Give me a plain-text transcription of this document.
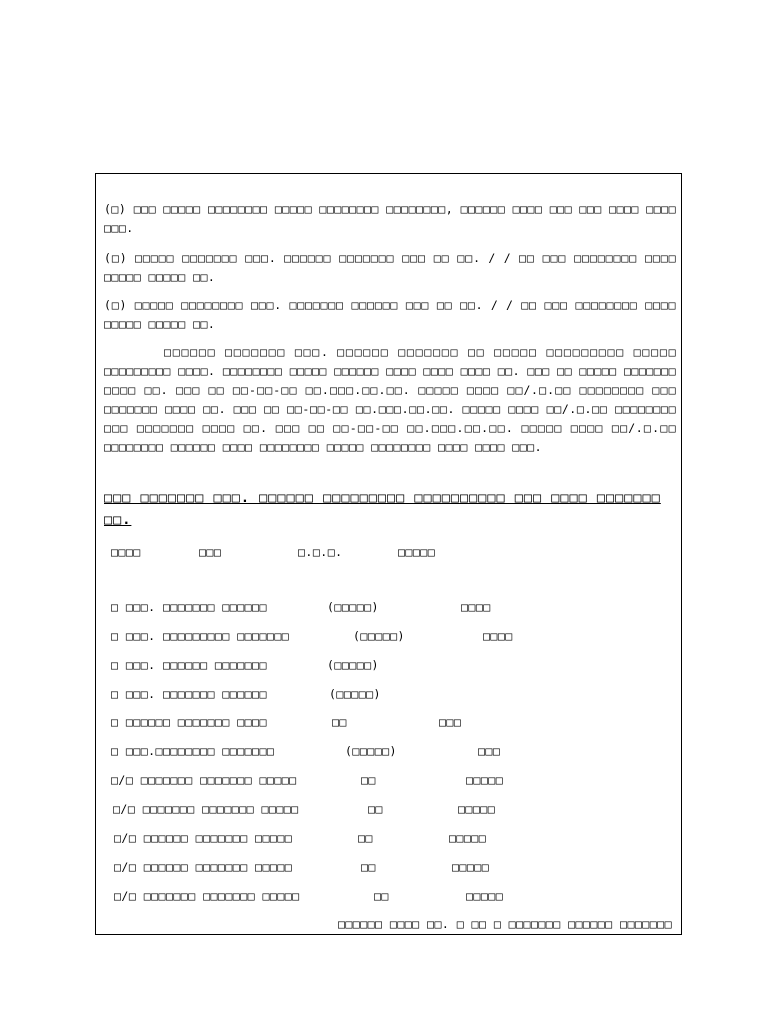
(□) □□□ □□□□□ □□□□□□□□ □□□□□ □□□□□□□□ □□□□□□□□, □□□□□□ □□□□ □□□ □□□ □□□□ □□□□ □□□.

(□) □□□□□ □□□□□□□ □□□. □□□□□□ □□□□□□□ □□□ □□ □□. / / □□ □□□ □□□□□□□□ □□□□ □□□□□ □□□□□ □□.

(□) □□□□□ □□□□□□□□ □□□. □□□□□□□ □□□□□□ □□□ □□ □□. / / □□ □□□ □□□□□□□□ □□□□ □□□□□ □□□□□ □□.

□□□□□□ □□□□□□□ □□□. □□□□□□ □□□□□□□ □□ □□□□□ □□□□□□□□□ □□□□□ □□□□□□□□□ □□□□. □□□□□□□□ □□□□□ □□□□□□ □□□□ □□□□ □□□□ □□. □□□ □□ □□□□□ □□□□□□□ □□□□ □□. □□□ □□ □□-□□-□□ □□.□□□.□□.□□. □□□□□ □□□□ □□/.□.□□ □□□□□□□□ □□□ □□□□□□□ □□□□ □□. □□□ □□ □□-□□-□□ □□.□□□.□□.□□. □□□□□ □□□□ □□/.□.□□ □□□□□□□□ □□□ □□□□□□□ □□□□ □□. □□□ □□ □□-□□-□□ □□.□□□.□□.□□. □□□□□ □□□□ □□/.□.□□ □□□□□□□□ □□□□□□ □□□□ □□□□□□□□ □□□□□ □□□□□□□□ □□□□ □□□□ □□□.

□□□ □□□□□□□ □□□. □□□□□□ □□□□□□□□□ □□□□□□□□□□ □□□ □□□□ □□□□□□□ □□.

□□□□	□□□	□.□.□.	□□□□□
□ □□□. □□□□□□□ □□□□□□	(□□□□□)	□□□□
□ □□□. □□□□□□□□□ □□□□□□□	(□□□□□)	□□□□
□ □□□. □□□□□□ □□□□□□□	(□□□□□)
□ □□□. □□□□□□□ □□□□□□	(□□□□□)
□ □□□□□□ □□□□□□□ □□□□	□□	□□□
□ □□□.□□□□□□□□ □□□□□□□	(□□□□□)	□□□
□/□ □□□□□□□ □□□□□□□ □□□□□	□□	□□□□□
□/□ □□□□□□□ □□□□□□□ □□□□□	□□	□□□□□
□/□ □□□□□□ □□□□□□□ □□□□□	□□	□□□□□
□/□ □□□□□□ □□□□□□□ □□□□□	□□	□□□□□
□/□ □□□□□□□ □□□□□□□ □□□□□	□□	□□□□□
□□□□□□ □□□□ □□. □ □□ □ □□□□□□□ □□□□□□ □□□□□□□
